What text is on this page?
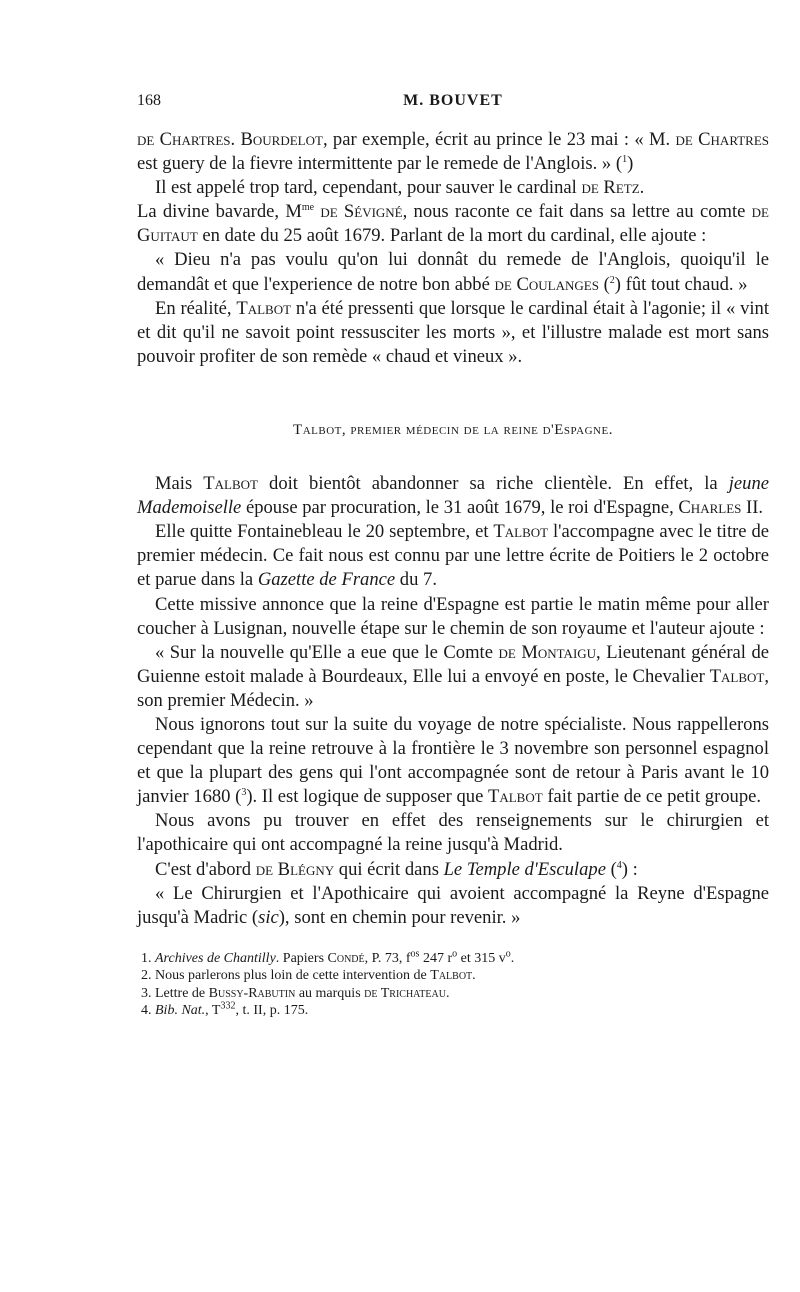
168	M. BOUVET

de Chartres. Bourdelot, par exemple, écrit au prince le 23 mai : « M. de Chartres est guery de la fievre intermittente par le remede de l'Anglois. » ($^1$)

Il est appelé trop tard, cependant, pour sauver le cardinal de Retz.

La divine bavarde, $M^{me}$ de Sévigné, nous raconte ce fait dans sa lettre au comte de Guitaut en date du 25 août 1679. Parlant de la mort du cardinal, elle ajoute :

« Dieu n'a pas voulu qu'on lui donnât du remede de l'Anglois, quoiqu'il le demandât et que l'experience de notre bon abbé de Coulanges ($^2$) fût tout chaud. »

En réalité, Talbot n'a été pressenti que lorsque le cardinal était à l'agonie; il « vint et dit qu'il ne savoit point ressusciter les morts », et l'illustre malade est mort sans pouvoir profiter de son remède « chaud et vineux ».

Talbot, premier médecin de la reine d'Espagne.

Mais Talbot doit bientôt abandonner sa riche clientèle. En effet, la jeune Mademoiselle épouse par procuration, le 31 août 1679, le roi d'Espagne, Charles II.

Elle quitte Fontainebleau le 20 septembre, et Talbot l'accompagne avec le titre de premier médecin. Ce fait nous est connu par une lettre écrite de Poitiers le 2 octobre et parue dans la Gazette de France du 7.

Cette missive annonce que la reine d'Espagne est partie le matin même pour aller coucher à Lusignan, nouvelle étape sur le chemin de son royaume et l'auteur ajoute :

« Sur la nouvelle qu'Elle a eue que le Comte de Montaigu, Lieutenant général de Guienne estoit malade à Bourdeaux, Elle lui a envoyé en poste, le Chevalier Talbot, son premier Médecin. »

Nous ignorons tout sur la suite du voyage de notre spécialiste. Nous rappellerons cependant que la reine retrouve à la frontière le 3 novembre son personnel espagnol et que la plupart des gens qui l'ont accompagnée sont de retour à Paris avant le 10 janvier 1680 ($^3$). Il est logique de supposer que Talbot fait partie de ce petit groupe.

Nous avons pu trouver en effet des renseignements sur le chirurgien et l'apothicaire qui ont accompagné la reine jusqu'à Madrid.

C'est d'abord de Blégny qui écrit dans Le Temple d'Esculape ($^4$) :

« Le Chirurgien et l'Apothicaire qui avoient accompagné la Reyne d'Espagne jusqu'à Madric (sic), sont en chemin pour revenir. »

1. Archives de Chantilly. Papiers Condé, P. 73, $f^{os}$ 247 $r^o$ et 315 $v^o$.
2. Nous parlerons plus loin de cette intervention de Talbot.
3. Lettre de Bussy-Rabutin au marquis de Trichateau.
4. Bib. Nat., $T^{332}$, t. II, p. 175.
